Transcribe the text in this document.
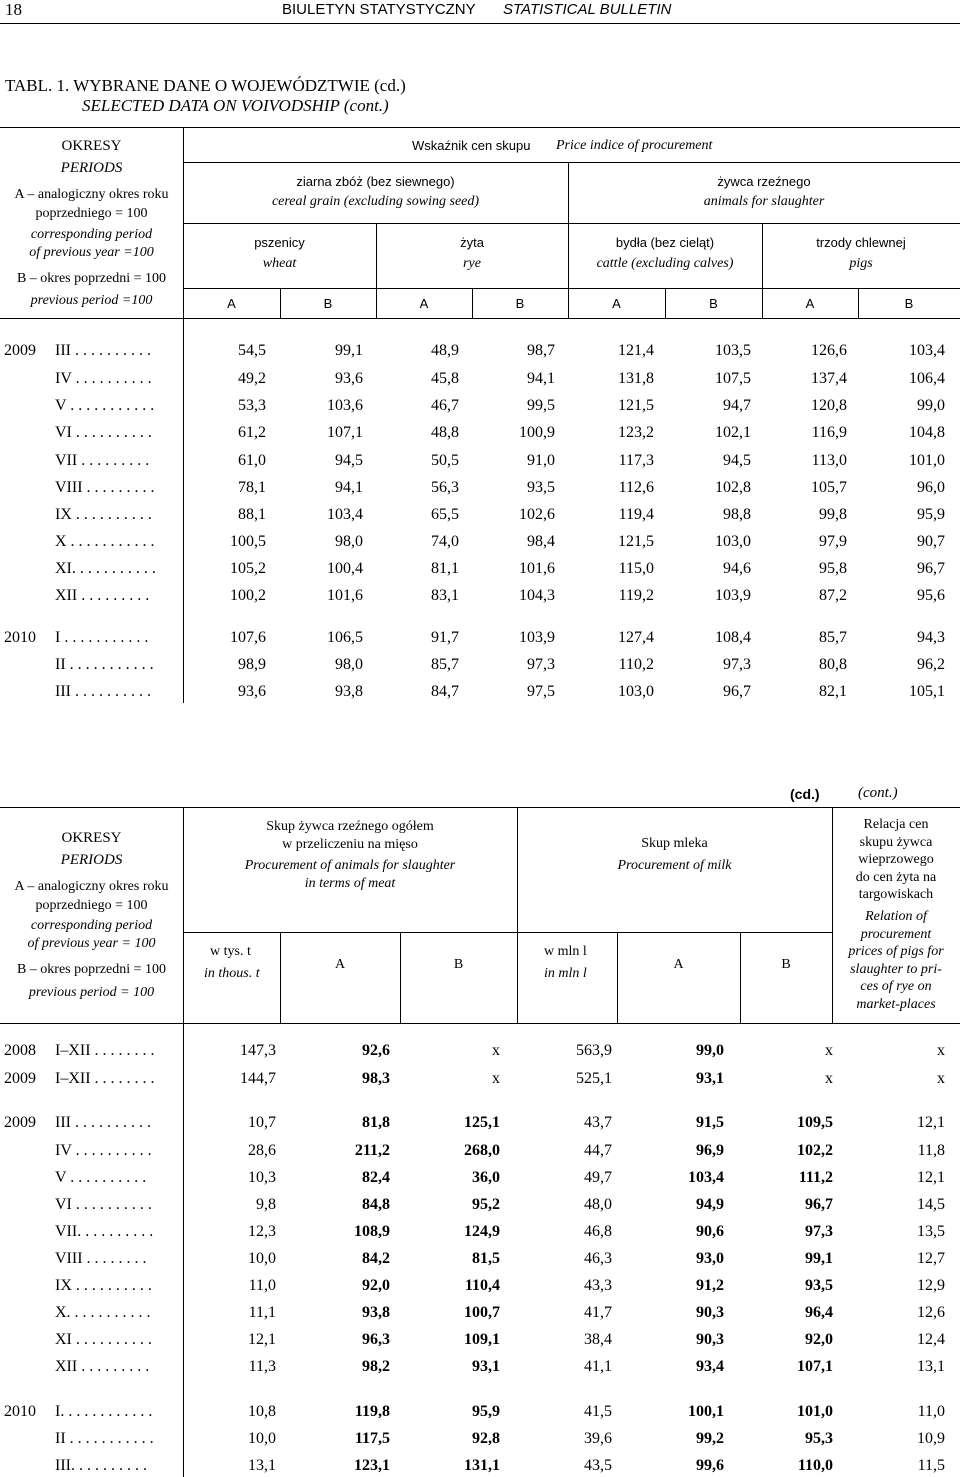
18	BIULETYN STATYSTYCZNY STATISTICAL BULLETIN
TABL. 1. WYBRANE DANE O WOJEWÓDZTWIE (cd.)
SELECTED DATA ON VOIVODSHIP (cont.)
OKRESY
PERIODS
A – analogiczny okres roku
poprzedniego = 100
corresponding period
of previous year =100
B – okres poprzedni = 100
previous period =100
Wskaźnik cen skupu Price indice of procurement
ziarna zbóż (bez siewnego)
cereal grain (excluding sowing seed)
żywca rzeźnego
animals for slaughter
pszenicy
wheat
żyta
rye
bydła (bez cieląt)
cattle (excluding calves)
trzody chlewnej
pigs
A	B	A	B	A	B	A	B
2009 III . . . . . . . . . .	54,5	99,1	48,9	98,7	121,4	103,5	126,6	103,4
IV . . . . . . . . . .	49,2	93,6	45,8	94,1	131,8	107,5	137,4	106,4
V . . . . . . . . . . .	53,3	103,6	46,7	99,5	121,5	94,7	120,8	99,0
VI . . . . . . . . . .	61,2	107,1	48,8	100,9	123,2	102,1	116,9	104,8
VII . . . . . . . . .	61,0	94,5	50,5	91,0	117,3	94,5	113,0	101,0
VIII . . . . . . . . .	78,1	94,1	56,3	93,5	112,6	102,8	105,7	96,0
IX . . . . . . . . . .	88,1	103,4	65,5	102,6	119,4	98,8	99,8	95,9
X . . . . . . . . . . .	100,5	98,0	74,0	98,4	121,5	103,0	97,9	90,7
XI. . . . . . . . . . .	105,2	100,4	81,1	101,6	115,0	94,6	95,8	96,7
XII . . . . . . . . .	100,2	101,6	83,1	104,3	119,2	103,9	87,2	95,6
2010 I . . . . . . . . . . .	107,6	106,5	91,7	103,9	127,4	108,4	85,7	94,3
II . . . . . . . . . . .	98,9	98,0	85,7	97,3	110,2	97,3	80,8	96,2
III . . . . . . . . . .	93,6	93,8	84,7	97,5	103,0	96,7	82,1	105,1
(cd.)	(cont.)
OKRESY
PERIODS
A – analogiczny okres roku
poprzedniego = 100
corresponding period
of previous year = 100
B – okres poprzedni = 100
previous period = 100
Skup żywca rzeźnego ogółem
w przeliczeniu na mięso
Procurement of animals for slaughter
in terms of meat
Skup mleka
Procurement of milk
w tys. t
in thous. t
A	B
w mln l
in mln l
A	B
Relacja cen
skupu żywca
wieprzowego
do cen żyta na
targowiskach
Relation of
procurement
prices of pigs for
slaughter to pri-
ces of rye on
market-places
2008 I–XII . . . . . . . .	147,3	92,6	x	563,9	99,0	x	x
2009 I–XII . . . . . . . .	144,7	98,3	x	525,1	93,1	x	x
2009 III . . . . . . . . . .	10,7	81,8	125,1	43,7	91,5	109,5	12,1
IV . . . . . . . . . .	28,6	211,2	268,0	44,7	96,9	102,2	11,8
V . . . . . . . . . .	10,3	82,4	36,0	49,7	103,4	111,2	12,1
VI . . . . . . . . . .	9,8	84,8	95,2	48,0	94,9	96,7	14,5
VII. . . . . . . . . .	12,3	108,9	124,9	46,8	90,6	97,3	13,5
VIII . . . . . . . .	10,0	84,2	81,5	46,3	93,0	99,1	12,7
IX . . . . . . . . . .	11,0	92,0	110,4	43,3	91,2	93,5	12,9
X. . . . . . . . . . .	11,1	93,8	100,7	41,7	90,3	96,4	12,6
XI . . . . . . . . . .	12,1	96,3	109,1	38,4	90,3	92,0	12,4
XII . . . . . . . . .	11,3	98,2	93,1	41,1	93,4	107,1	13,1
2010 I. . . . . . . . . . . .	10,8	119,8	95,9	41,5	100,1	101,0	11,0
II . . . . . . . . . . .	10,0	117,5	92,8	39,6	99,2	95,3	10,9
III. . . . . . . . . .	13,1	123,1	131,1	43,5	99,6	110,0	11,5
